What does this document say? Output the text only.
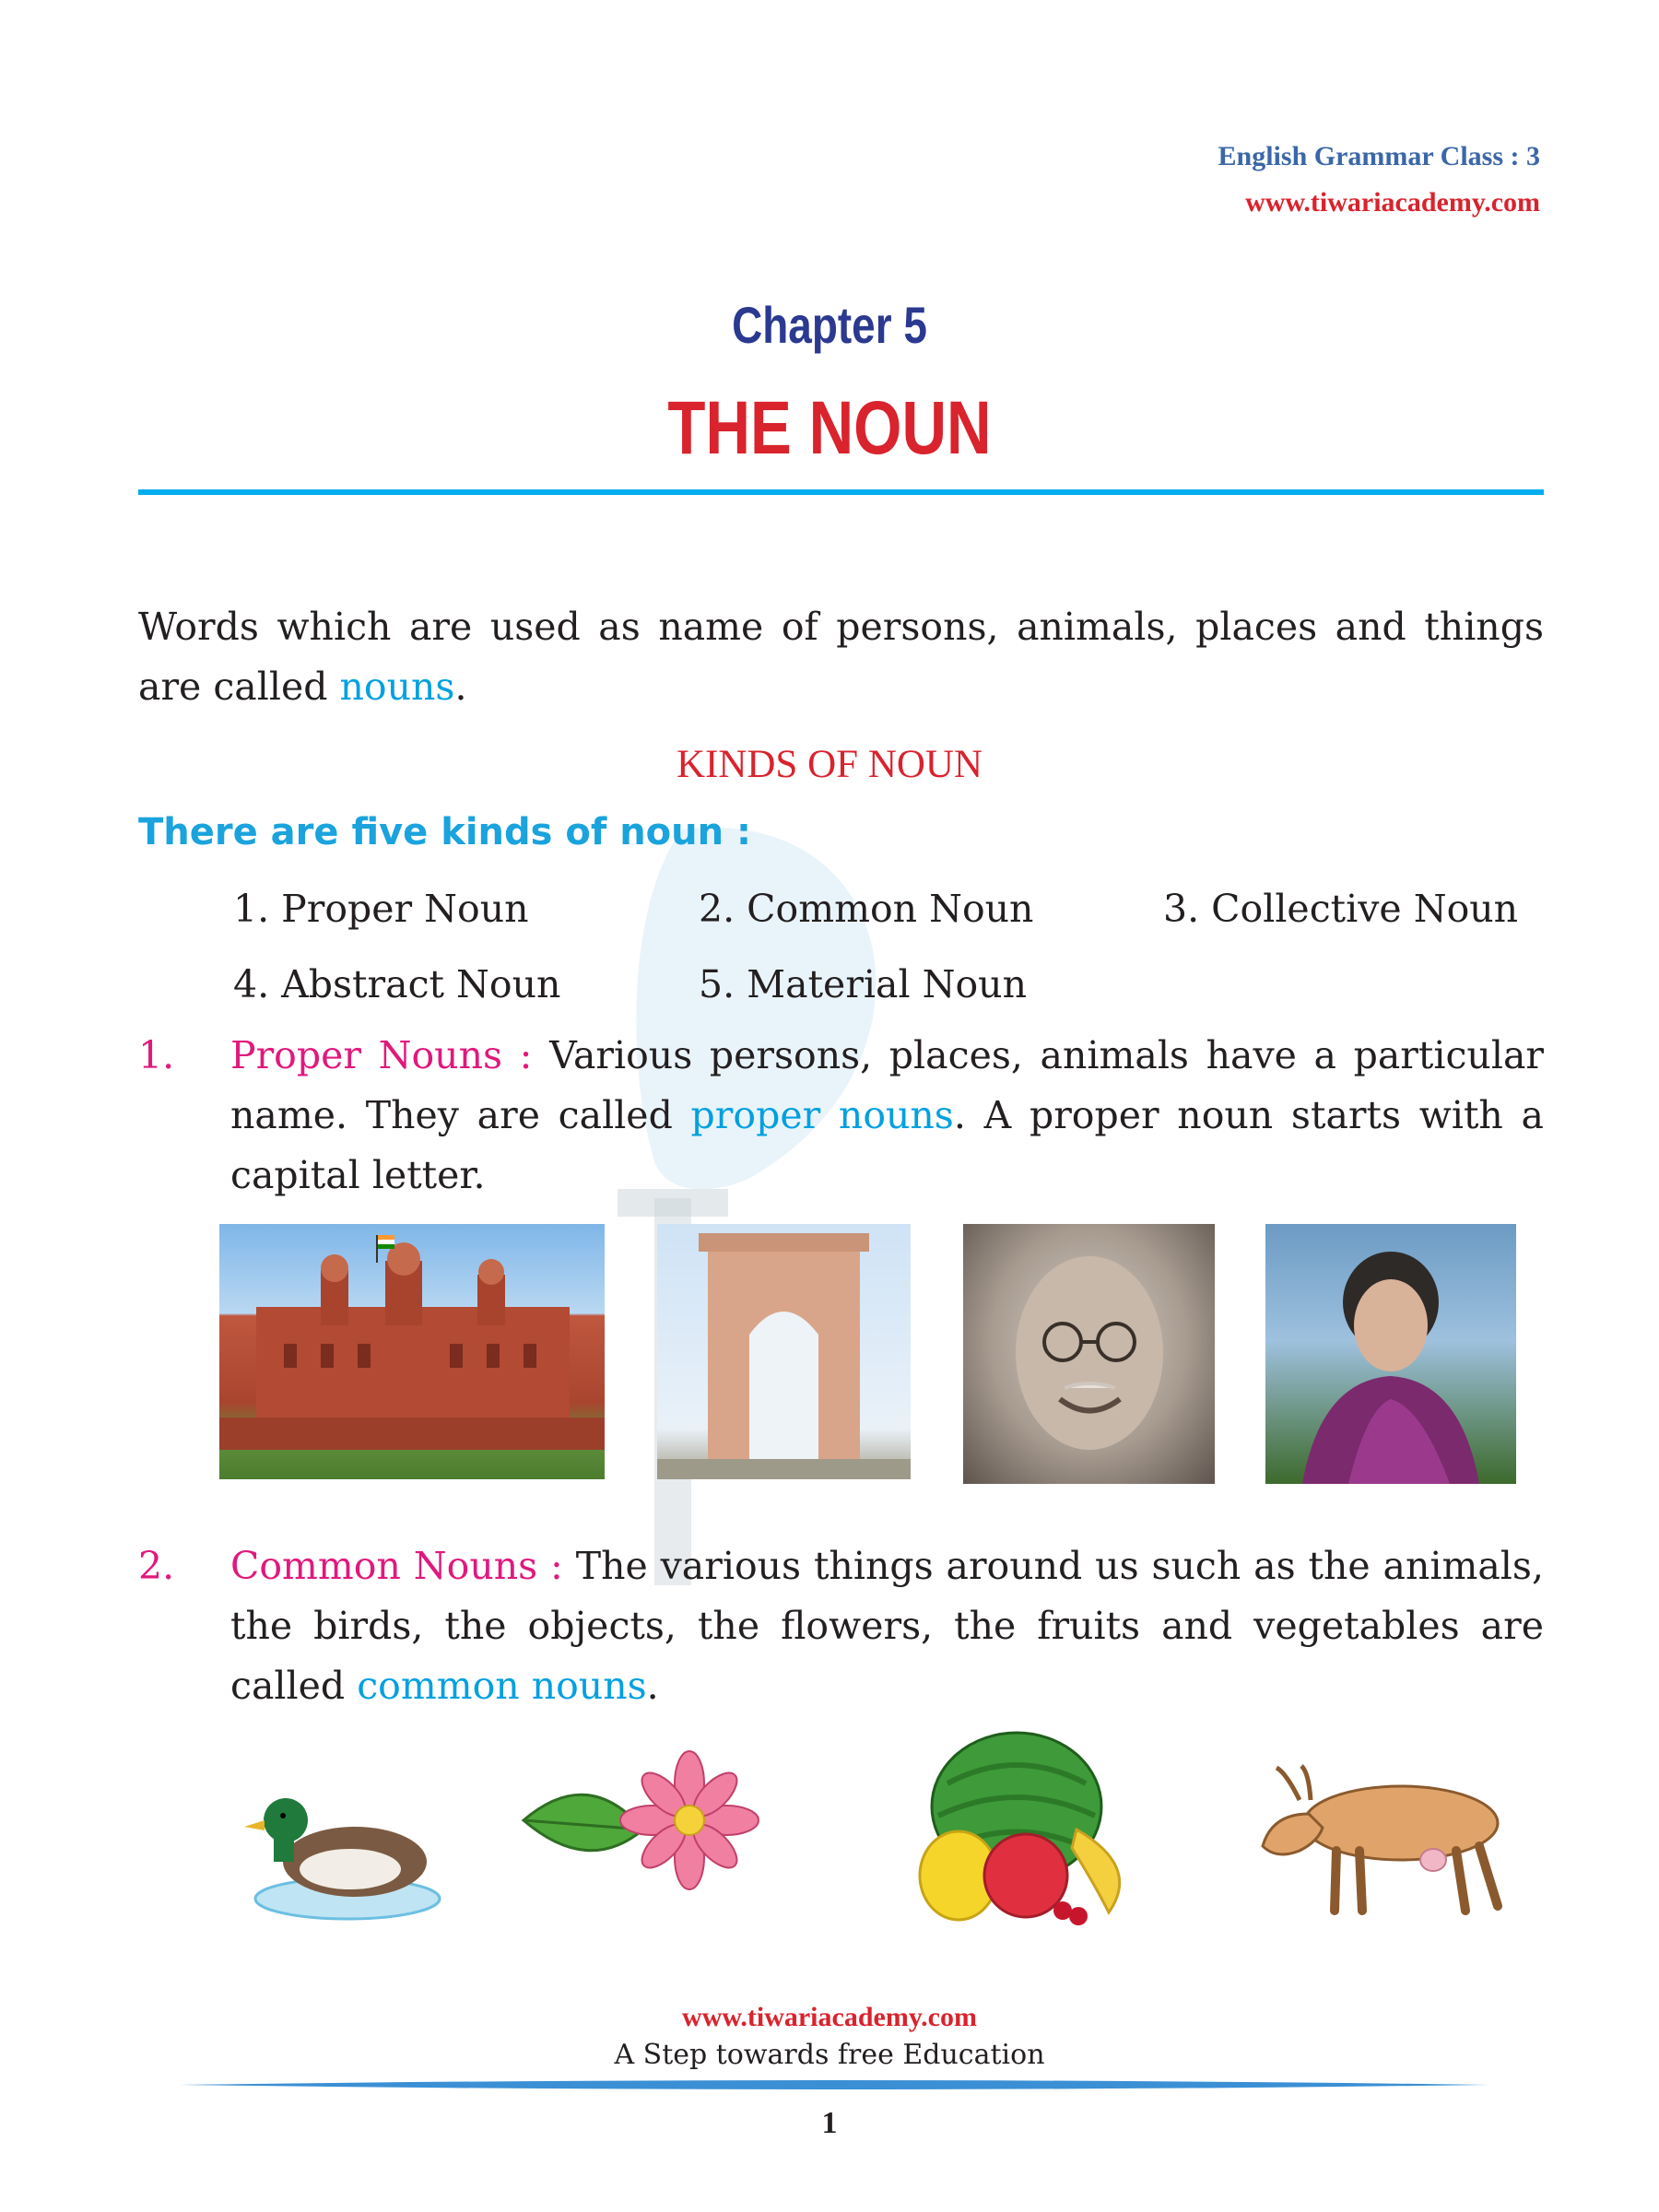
English Grammar Class : 3
www.tiwariacademy.com
Chapter 5
THE NOUN
Words which are used as name of persons, animals, places and things are called nouns.
KINDS OF NOUN
There are five kinds of noun :
1. Proper Noun	2. Common Noun	3. Collective Noun
4. Abstract Noun	5. Material Noun
1. Proper Nouns : Various persons, places, animals have a particular name. They are called proper nouns. A proper noun starts with a capital letter.
2. Common Nouns : The various things around us such as the animals, the birds, the objects, the flowers, the fruits and vegetables are called common nouns.
www.tiwariacademy.com
A Step towards free Education
1
